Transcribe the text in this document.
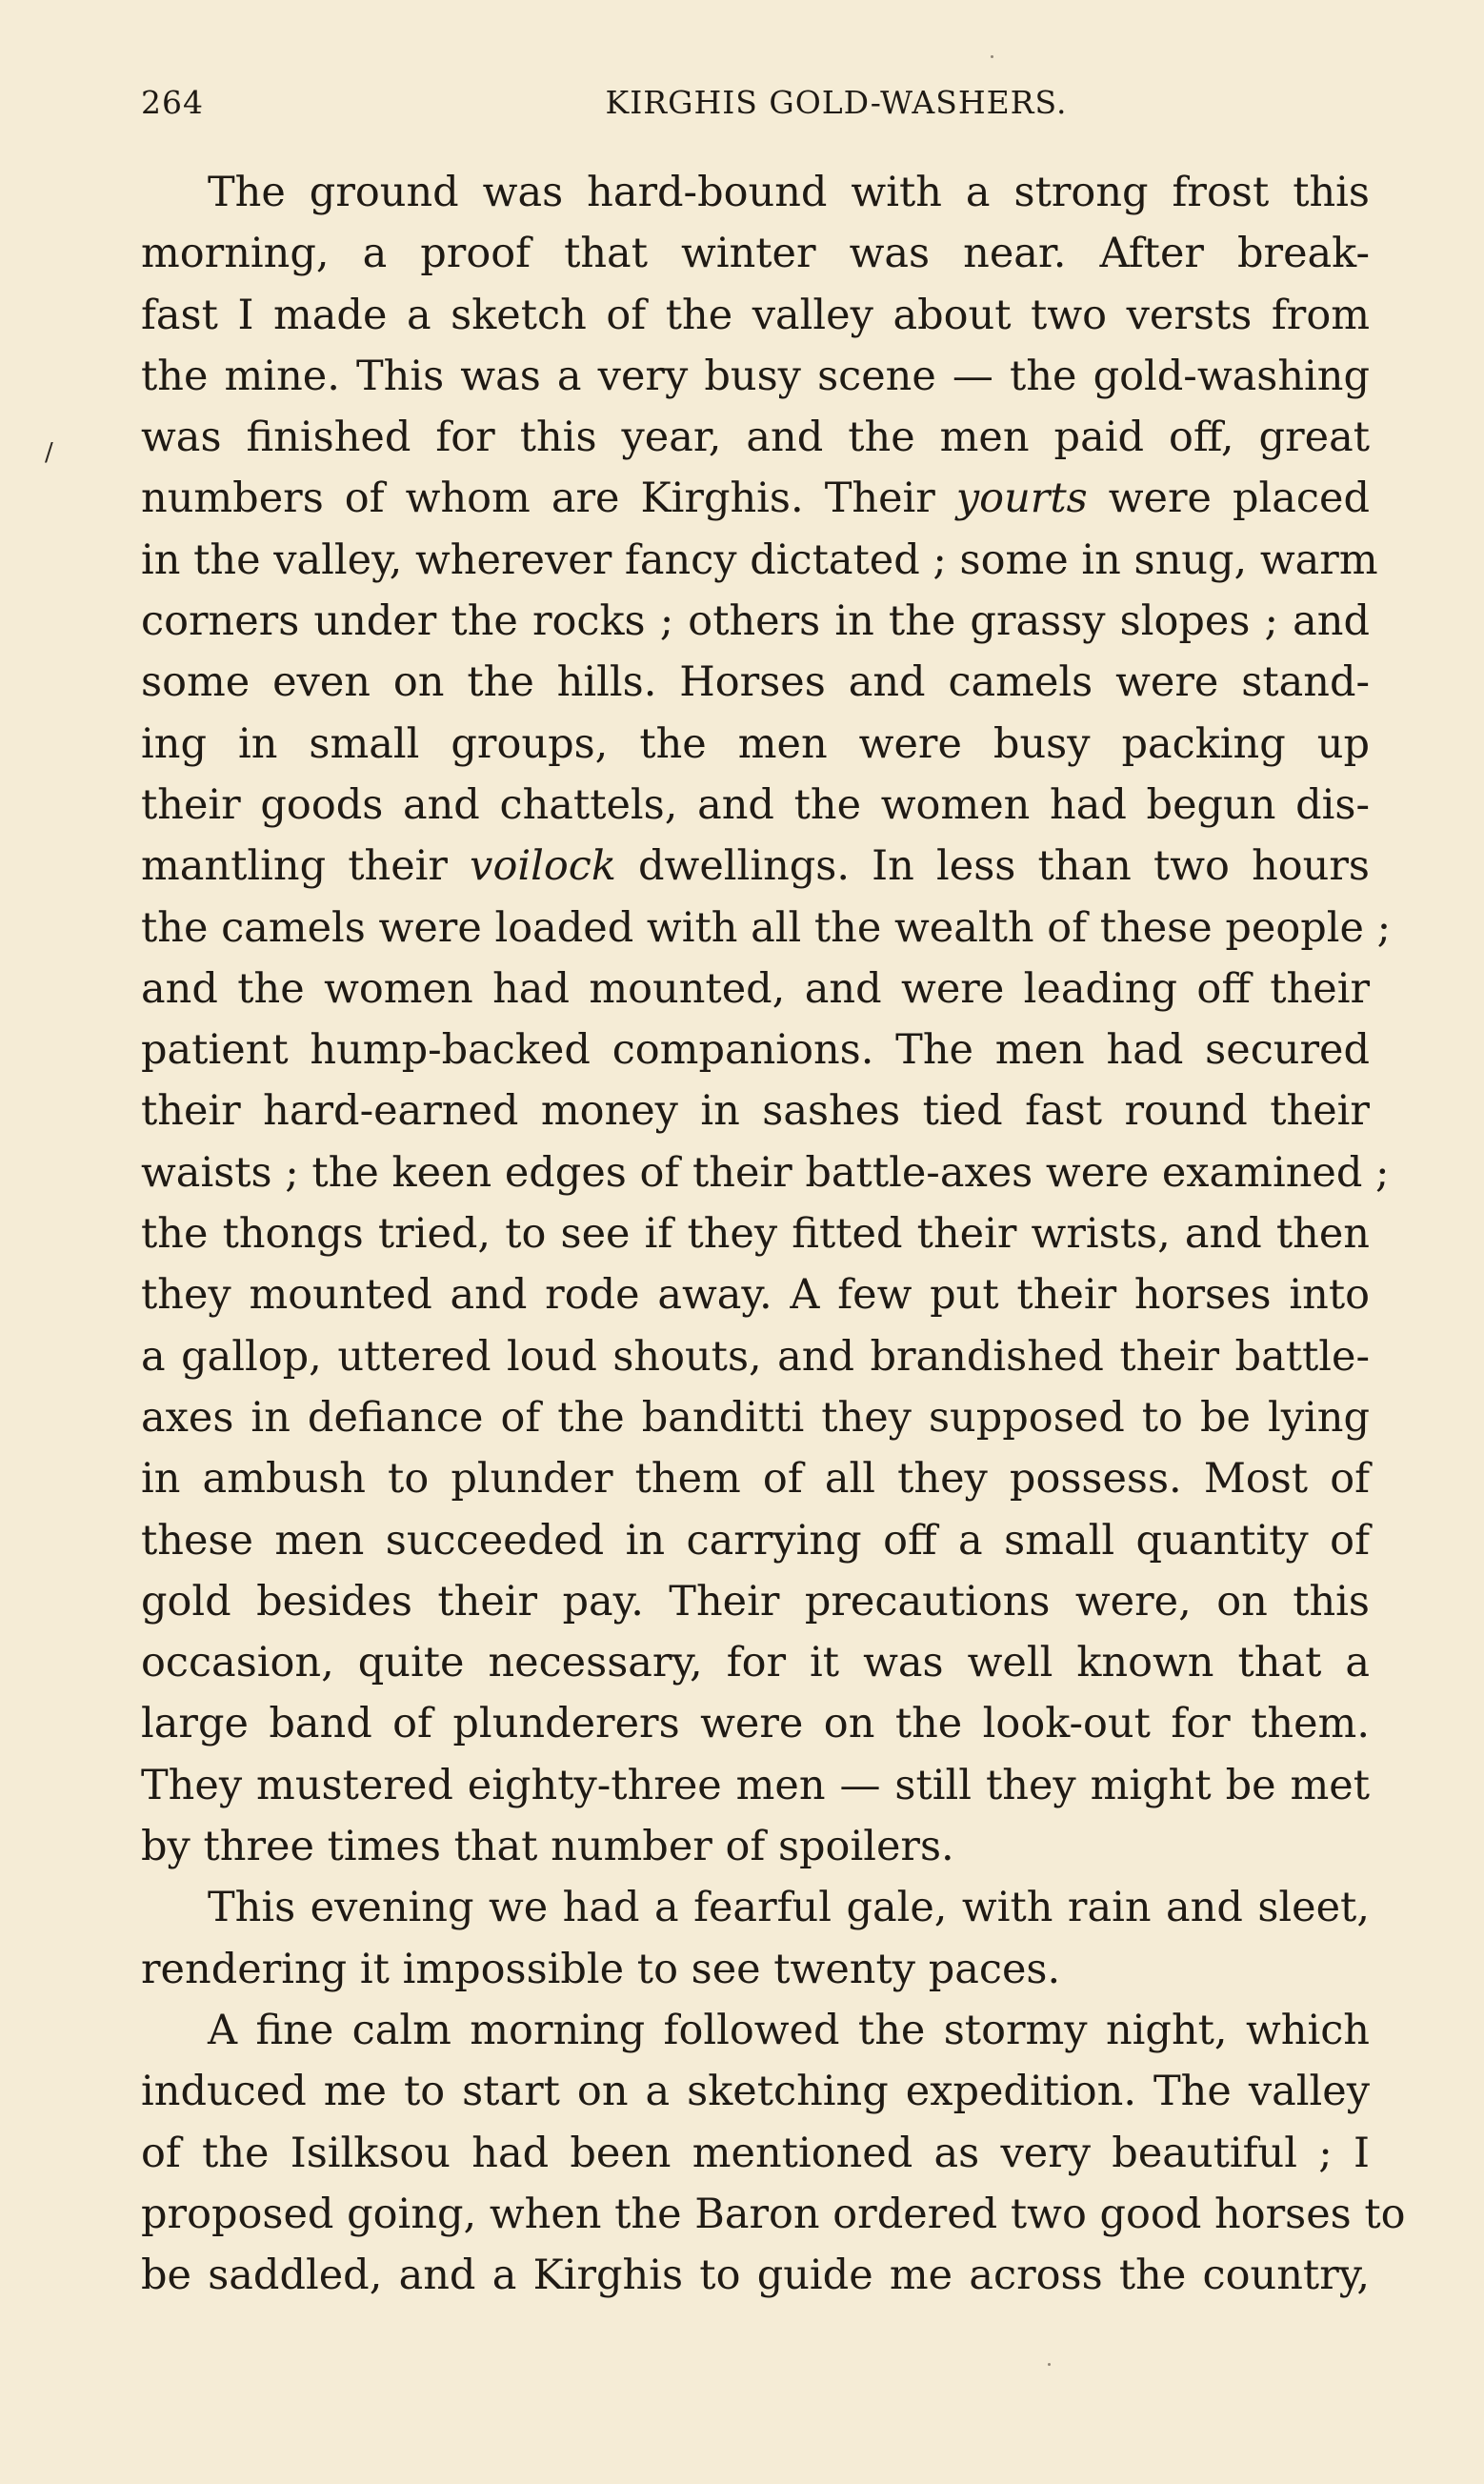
264	KIRGHIS GOLD-WASHERS.
/
The ground was hard-bound with a strong frost this
morning, a proof that winter was near. After break-
fast I made a sketch of the valley about two versts from
the mine. This was a very busy scene — the gold-washing
was finished for this year, and the men paid off, great
numbers of whom are Kirghis. Their yourts were placed
in the valley, wherever fancy dictated ; some in snug, warm
corners under the rocks ; others in the grassy slopes ; and
some even on the hills. Horses and camels were stand-
ing in small groups, the men were busy packing up
their goods and chattels, and the women had begun dis-
mantling their voilock dwellings. In less than two hours
the camels were loaded with all the wealth of these people ;
and the women had mounted, and were leading off their
patient hump-backed companions. The men had secured
their hard-earned money in sashes tied fast round their
waists ; the keen edges of their battle-axes were examined ;
the thongs tried, to see if they fitted their wrists, and then
they mounted and rode away. A few put their horses into
a gallop, uttered loud shouts, and brandished their battle-
axes in defiance of the banditti they supposed to be lying
in ambush to plunder them of all they possess. Most of
these men succeeded in carrying off a small quantity of
gold besides their pay. Their precautions were, on this
occasion, quite necessary, for it was well known that a
large band of plunderers were on the look-out for them.
They mustered eighty-three men — still they might be met
by three times that number of spoilers.
This evening we had a fearful gale, with rain and sleet,
rendering it impossible to see twenty paces.
A fine calm morning followed the stormy night, which
induced me to start on a sketching expedition. The valley
of the Isilksou had been mentioned as very beautiful ; I
proposed going, when the Baron ordered two good horses to
be saddled, and a Kirghis to guide me across the country,
